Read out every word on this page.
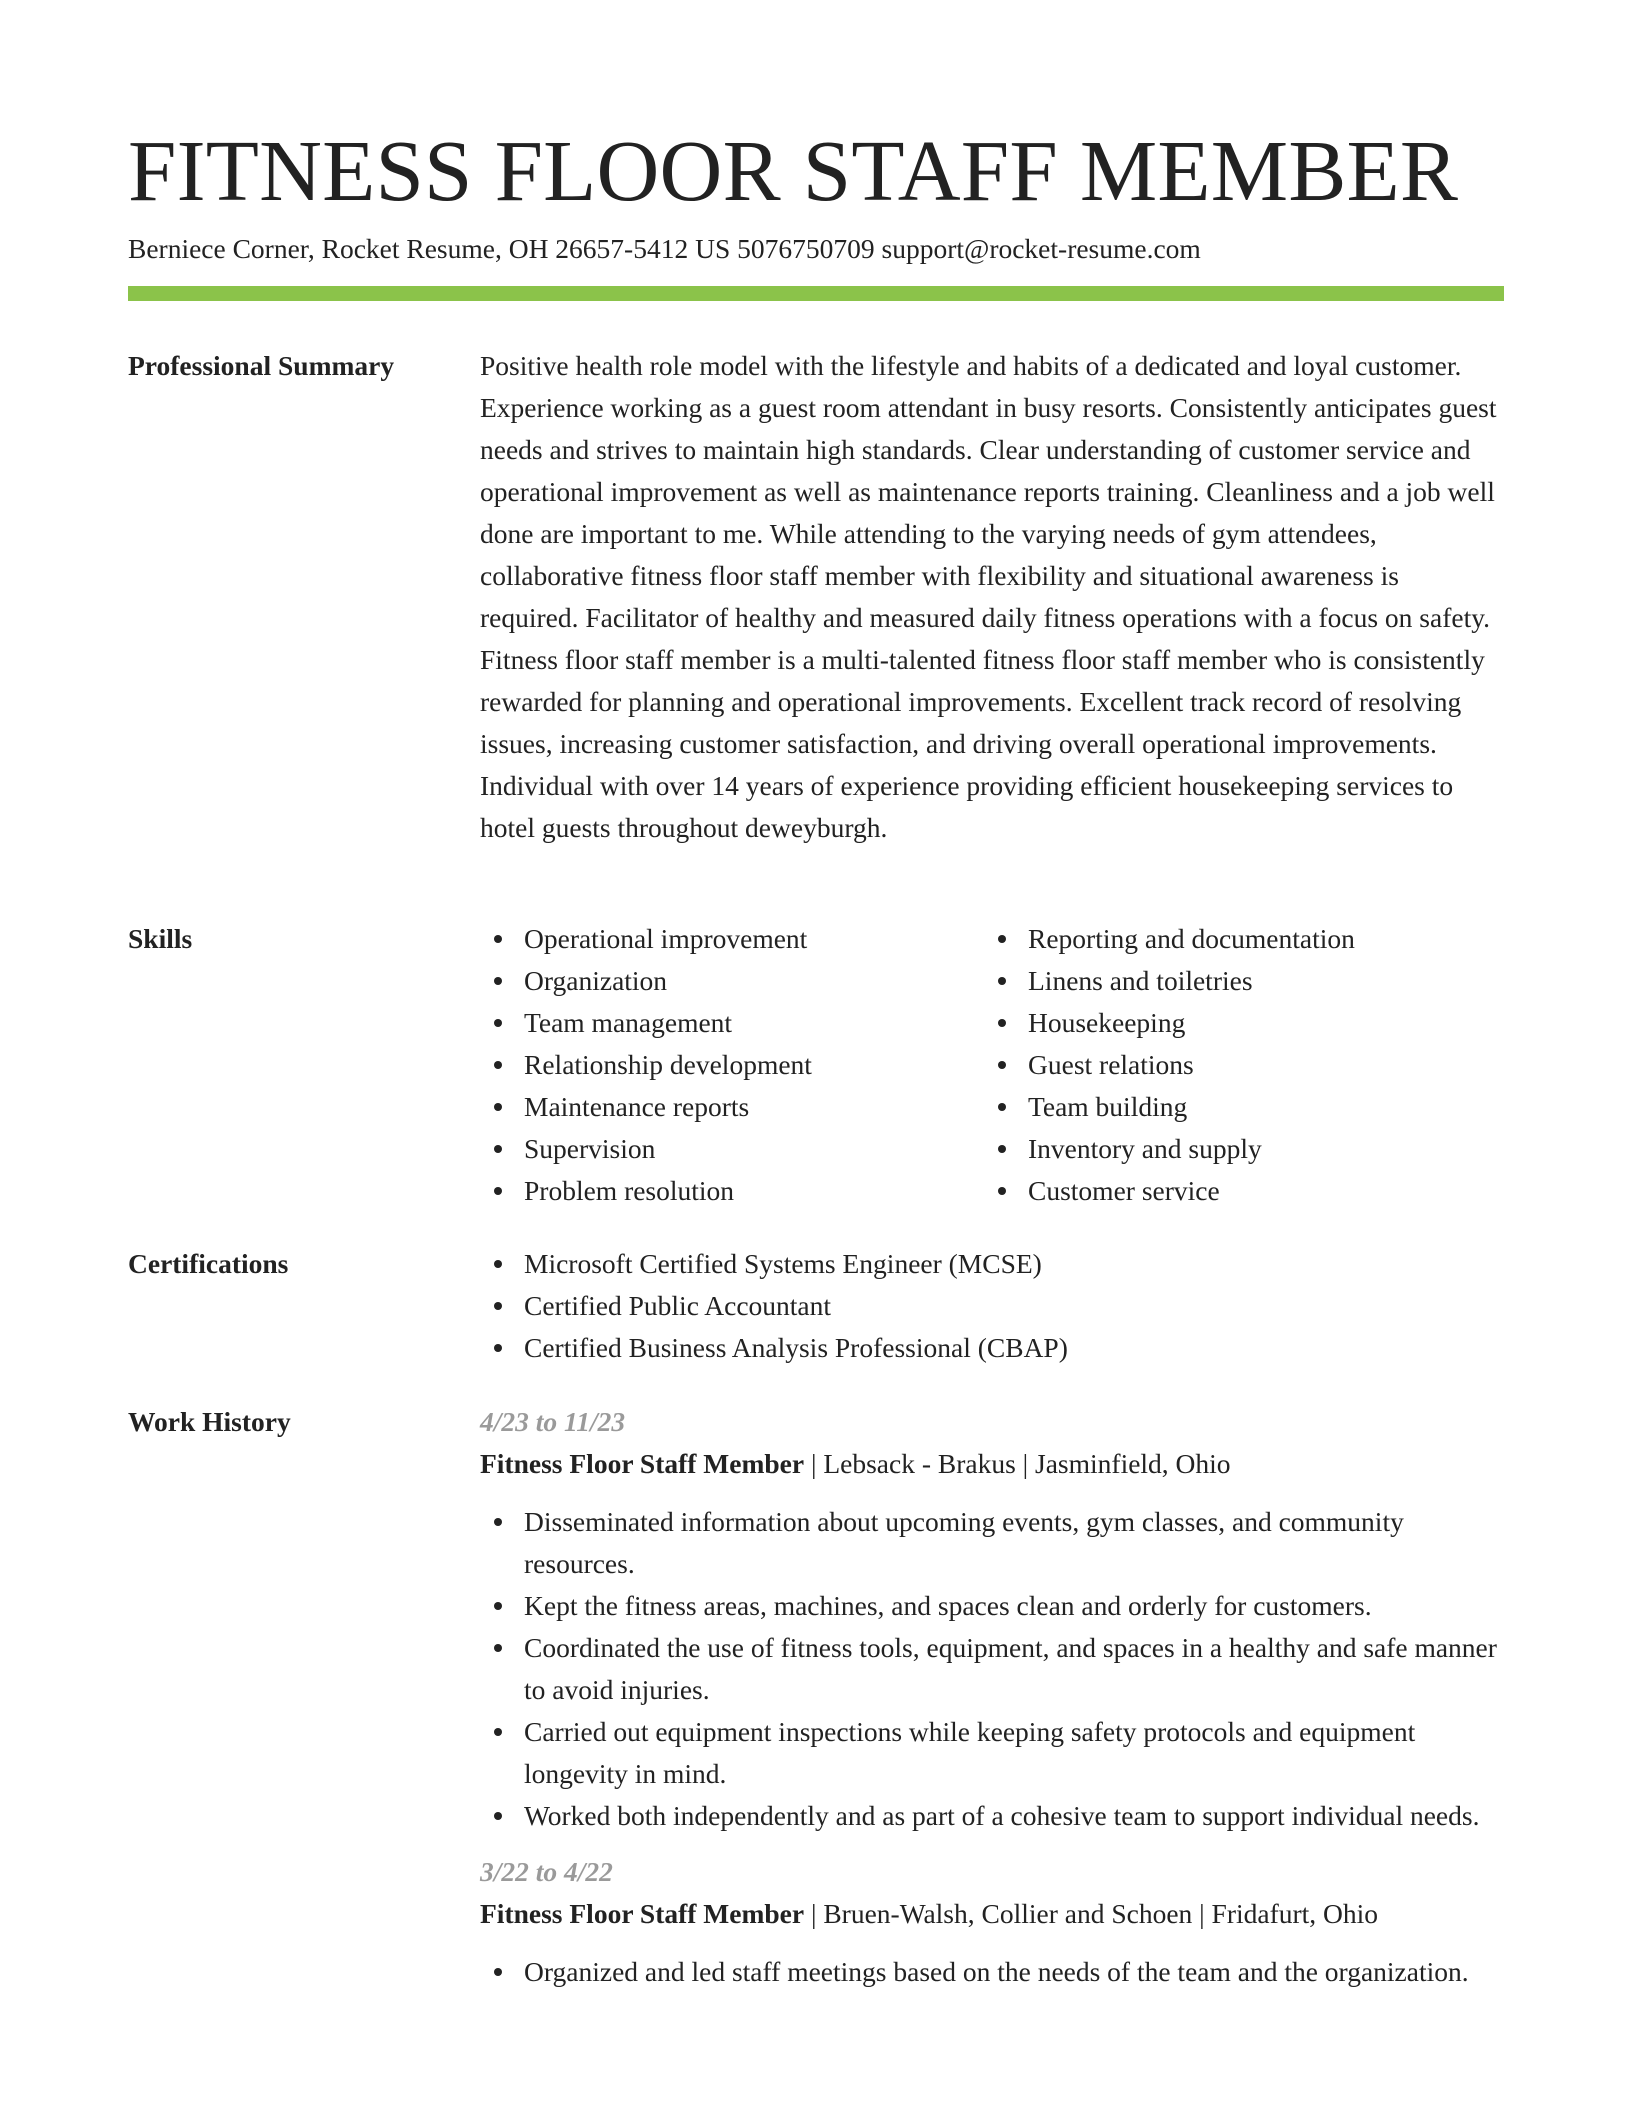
FITNESS FLOOR STAFF MEMBER
Berniece Corner, Rocket Resume, OH 26657-5412 US 5076750709 support@rocket-resume.com
Professional Summary	Positive health role model with the lifestyle and habits of a dedicated and loyal customer. Experience working as a guest room attendant in busy resorts. Consistently anticipates guest needs and strives to maintain high standards. Clear understanding of customer service and operational improvement as well as maintenance reports training. Cleanliness and a job well done are important to me. While attending to the varying needs of gym attendees, collaborative fitness floor staff member with flexibility and situational awareness is required. Facilitator of healthy and measured daily fitness operations with a focus on safety. Fitness floor staff member is a multi-talented fitness floor staff member who is consistently rewarded for planning and operational improvements. Excellent track record of resolving issues, increasing customer satisfaction, and driving overall operational improvements. Individual with over 14 years of experience providing efficient housekeeping services to hotel guests throughout deweyburgh.

Skills	Operational improvement
Organization
Team management
Relationship development
Maintenance reports
Supervision
Problem resolution
Reporting and documentation
Linens and toiletries
Housekeeping
Guest relations
Team building
Inventory and supply
Customer service
Certifications	Microsoft Certified Systems Engineer (MCSE)
Certified Public Accountant
Certified Business Analysis Professional (CBAP)
Work History	4/23 to 11/23
Fitness Floor Staff Member | Lebsack - Brakus | Jasminfield, Ohio
Disseminated information about upcoming events, gym classes, and community resources.
Kept the fitness areas, machines, and spaces clean and orderly for customers.
Coordinated the use of fitness tools, equipment, and spaces in a healthy and safe manner to avoid injuries.
Carried out equipment inspections while keeping safety protocols and equipment longevity in mind.
Worked both independently and as part of a cohesive team to support individual needs.
3/22 to 4/22
Fitness Floor Staff Member | Bruen-Walsh, Collier and Schoen | Fridafurt, Ohio
Organized and led staff meetings based on the needs of the team and the organization.
